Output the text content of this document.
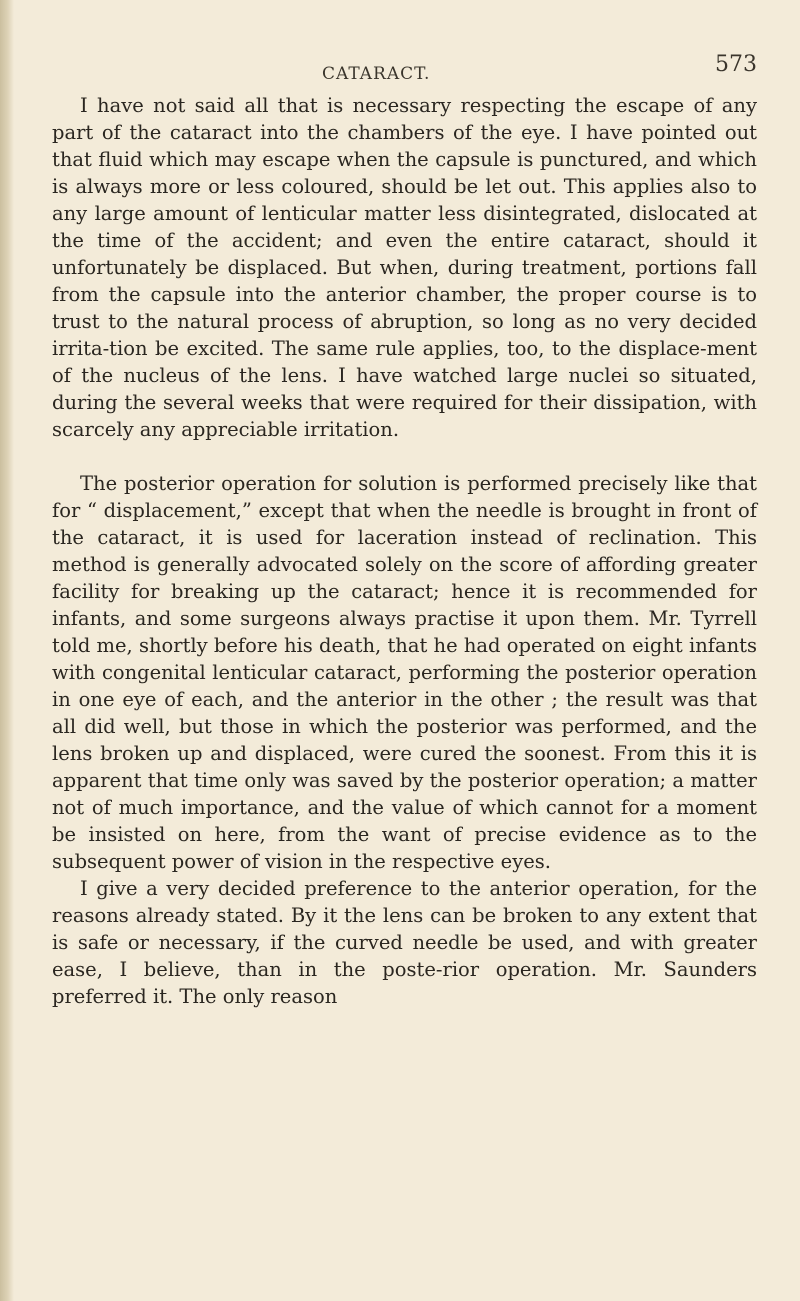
CATARACT.	573

I have not said all that is necessary respecting the escape of any part of the cataract into the chambers of the eye. I have pointed out that fluid which may escape when the capsule is punctured, and which is always more or less coloured, should be let out. This applies also to any large amount of lenticular matter less disintegrated, dislocated at the time of the accident; and even the entire cataract, should it unfortunately be displaced. But when, during treatment, portions fall from the capsule into the anterior chamber, the proper course is to trust to the natural process of abruption, so long as no very decided irrita-tion be excited. The same rule applies, too, to the displace-ment of the nucleus of the lens. I have watched large nuclei so situated, during the several weeks that were required for their dissipation, with scarcely any appreciable irritation.

The posterior operation for solution is performed precisely like that for “ displacement,” except that when the needle is brought in front of the cataract, it is used for laceration instead of reclination. This method is generally advocated solely on the score of affording greater facility for breaking up the cataract; hence it is recommended for infants, and some surgeons always practise it upon them. Mr. Tyrrell told me, shortly before his death, that he had operated on eight infants with congenital lenticular cataract, performing the posterior operation in one eye of each, and the anterior in the other ; the result was that all did well, but those in which the posterior was performed, and the lens broken up and displaced, were cured the soonest. From this it is apparent that time only was saved by the posterior operation; a matter not of much importance, and the value of which cannot for a moment be insisted on here, from the want of precise evidence as to the subsequent power of vision in the respective eyes.

I give a very decided preference to the anterior operation, for the reasons already stated. By it the lens can be broken to any extent that is safe or necessary, if the curved needle be used, and with greater ease, I believe, than in the poste-rior operation. Mr. Saunders preferred it. The only reason
